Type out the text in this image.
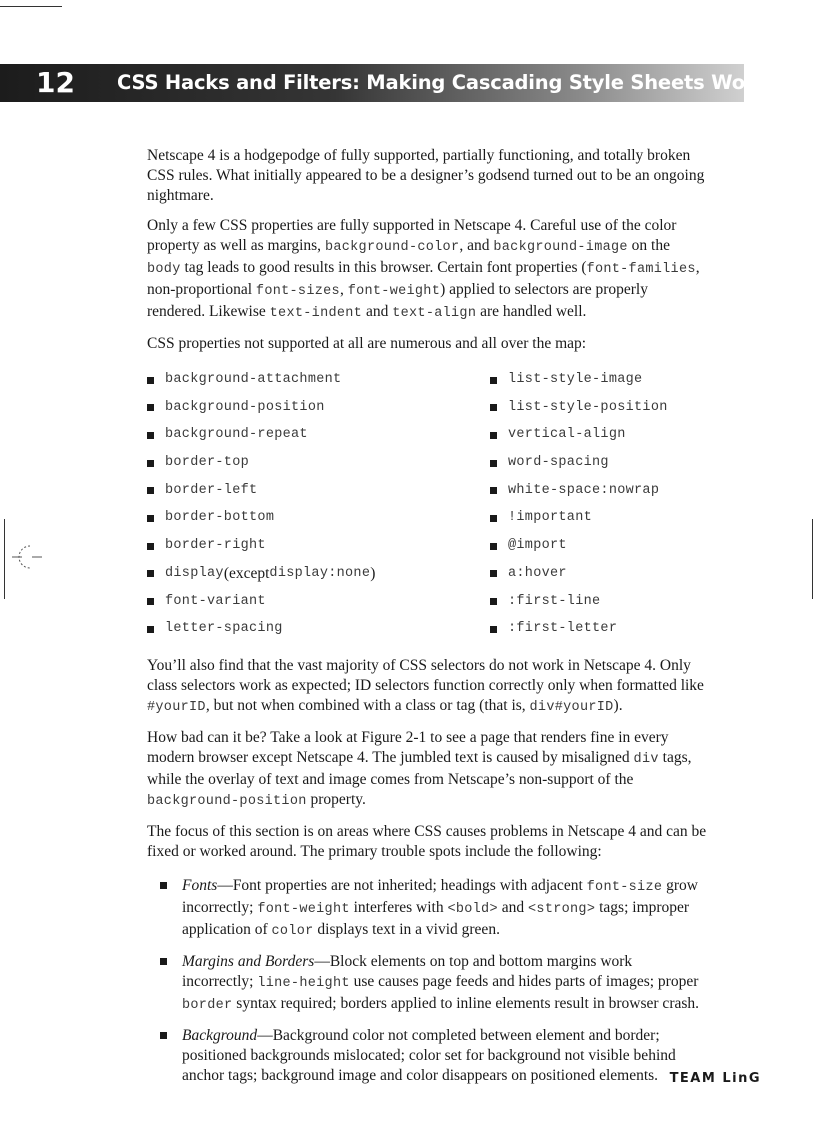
12 CSS Hacks and Filters: Making Cascading Style Sheets Work

Netscape 4 is a hodgepodge of fully supported, partially functioning, and totally broken CSS rules. What initially appeared to be a designer’s godsend turned out to be an ongoing nightmare.

Only a few CSS properties are fully supported in Netscape 4. Careful use of the color property as well as margins, background-color, and background-image on the body tag leads to good results in this browser. Certain font properties (font-families, non-proportional font-sizes, font-weight) applied to selectors are properly rendered. Likewise text-indent and text-align are handled well.

CSS properties not supported at all are numerous and all over the map:

background-attachment	list-style-image
background-position	list-style-position
background-repeat	vertical-align
border-top	word-spacing
border-left	white-space:nowrap
border-bottom	!important
border-right	@import
display (except display:none )	a:hover
font-variant	:first-line
letter-spacing	:first-letter

You’ll also find that the vast majority of CSS selectors do not work in Netscape 4. Only class selectors work as expected; ID selectors function correctly only when formatted like #yourID, but not when combined with a class or tag (that is, div#yourID).

How bad can it be? Take a look at Figure 2-1 to see a page that renders fine in every modern browser except Netscape 4. The jumbled text is caused by misaligned div tags, while the overlay of text and image comes from Netscape’s non-support of the background-position property.

The focus of this section is on areas where CSS causes problems in Netscape 4 and can be fixed or worked around. The primary trouble spots include the following:

Fonts—Font properties are not inherited; headings with adjacent font-size grow incorrectly; font-weight interferes with <bold> and <strong> tags; improper application of color displays text in a vivid green.
Margins and Borders—Block elements on top and bottom margins work incorrectly; line-height use causes page feeds and hides parts of images; proper border syntax required; borders applied to inline elements result in browser crash.
Background—Background color not completed between element and border; positioned backgrounds mislocated; color set for background not visible behind anchor tags; background image and color disappears on positioned elements. TEAM LinG
